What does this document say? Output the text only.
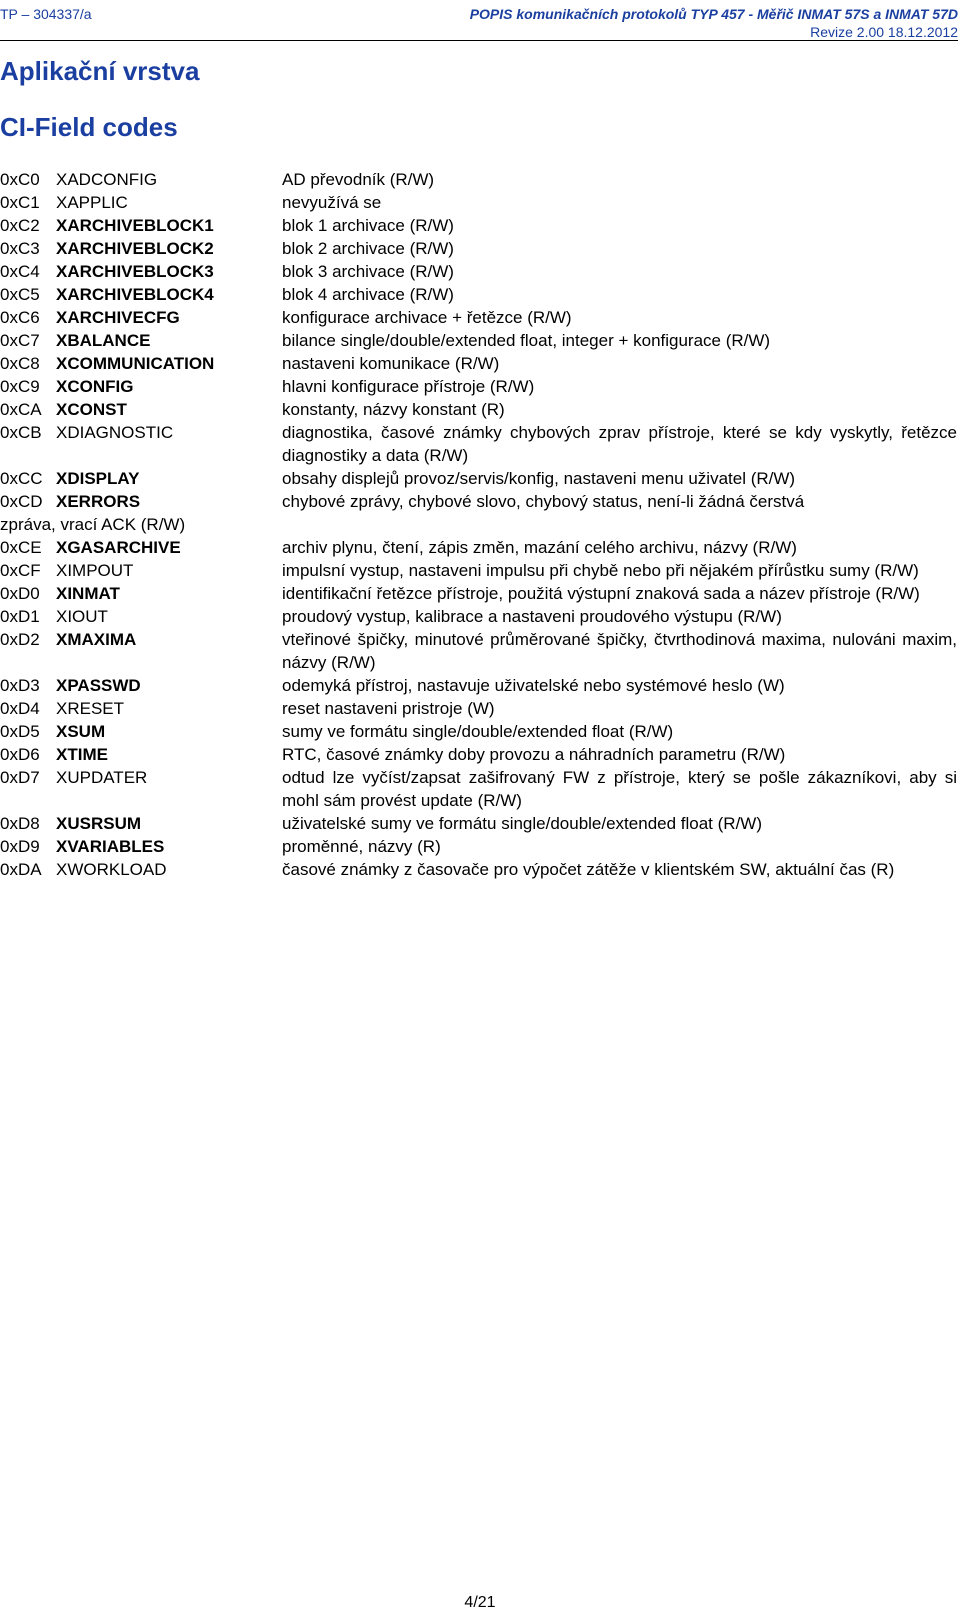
TP – 304337/a	POPIS komunikačních protokolů TYP 457 - Měřič INMAT 57S a INMAT 57D
Revize 2.00 18.12.2012
Aplikační vrstva
CI-Field codes
0xC0 XADCONFIG	AD převodník (R/W)
0xC1 XAPPLIC	nevyužívá se
0xC2 XARCHIVEBLOCK1	blok 1 archivace (R/W)
0xC3 XARCHIVEBLOCK2	blok 2 archivace (R/W)
0xC4 XARCHIVEBLOCK3	blok 3 archivace (R/W)
0xC5 XARCHIVEBLOCK4	blok 4 archivace (R/W)
0xC6 XARCHIVECFG	konfigurace archivace + řetězce (R/W)
0xC7 XBALANCE	bilance single/double/extended float, integer + konfigurace (R/W)
0xC8 XCOMMUNICATION	nastaveni komunikace (R/W)
0xC9 XCONFIG	hlavni konfigurace přístroje (R/W)
0xCA XCONST	konstanty, názvy konstant (R)
0xCB XDIAGNOSTIC	diagnostika, časové známky chybových zprav přístroje, které se kdy vyskytly, řetězce diagnostiky a data (R/W)
0xCC XDISPLAY	obsahy displejů provoz/servis/konfig, nastaveni menu uživatel (R/W)
0xCD XERRORS	chybové zprávy, chybové slovo, chybový status, není-li žádná čerstvá
zpráva, vrací ACK (R/W)
0xCE XGASARCHIVE	archiv plynu, čtení, zápis změn, mazání celého archivu, názvy (R/W)
0xCF XIMPOUT	impulsní vystup, nastaveni impulsu při chybě nebo při nějakém přírůstku sumy (R/W)
0xD0 XINMAT	identifikační řetězce přístroje, použitá výstupní znaková sada a název přístroje (R/W)
0xD1 XIOUT	proudový vystup, kalibrace a nastaveni proudového výstupu (R/W)
0xD2 XMAXIMA	vteřinové špičky, minutové průměrované špičky, čtvrthodinová maxima, nulováni maxim, názvy (R/W)
0xD3 XPASSWD	odemyká přístroj, nastavuje uživatelské nebo systémové heslo (W)
0xD4 XRESET	reset nastaveni pristroje (W)
0xD5 XSUM	sumy ve formátu single/double/extended float (R/W)
0xD6 XTIME	RTC, časové známky doby provozu a náhradních parametru (R/W)
0xD7 XUPDATER	odtud lze vyčíst/zapsat zašifrovaný FW z přístroje, který se pošle zákazníkovi, aby si mohl sám provést update (R/W)
0xD8 XUSRSUM	uživatelské sumy ve formátu single/double/extended float (R/W)
0xD9 XVARIABLES	proměnné, názvy (R)
0xDA XWORKLOAD	časové známky z časovače pro výpočet zátěže v klientském SW, aktuální čas (R)
4/21
